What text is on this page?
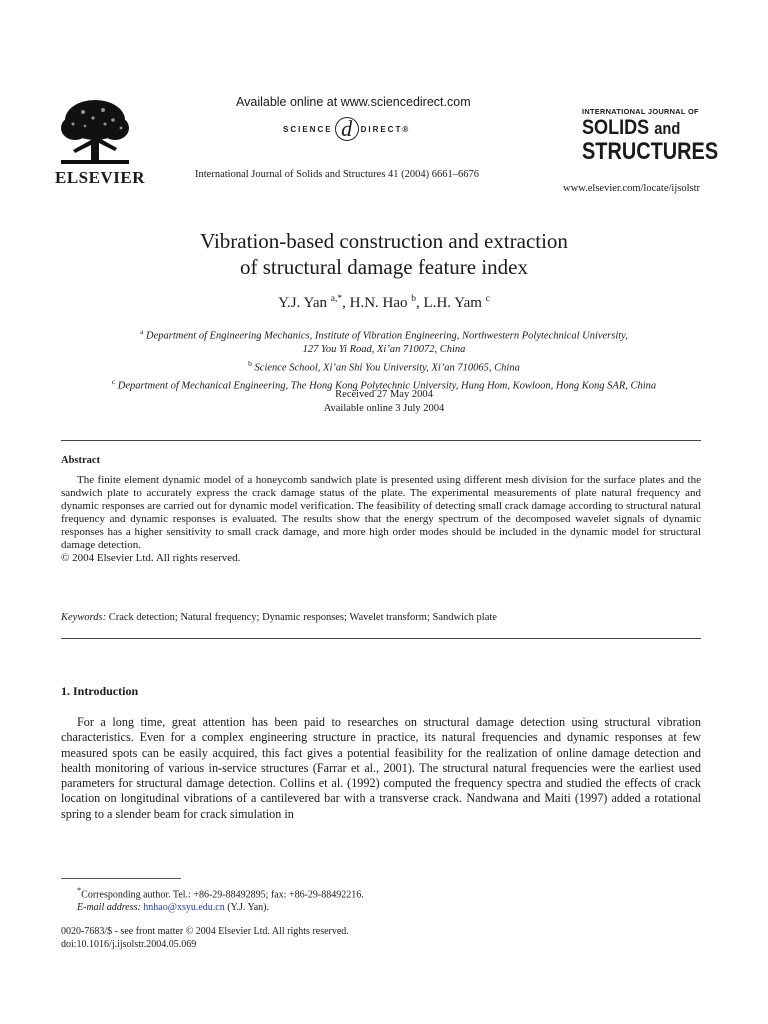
ELSEVIER
Available online at www.sciencedirect.com
SCIENCE d	DIRECT®
International Journal of Solids and Structures 41 (2004) 6661–6676
INTERNATIONAL JOURNAL OF
SOLIDS and
STRUCTURES
www.elsevier.com/locate/ijsolstr
Vibration-based construction and extraction
of structural damage feature index
Y.J. Yan $^{a,*}$, H.N. Hao $^b$, L.H. Yam $^c$
$^a$ Department of Engineering Mechanics, Institute of Vibration Engineering, Northwestern Polytechnical University,
127 You Yi Road, Xi’an 710072, China
$^b$ Science School, Xi’an Shi You University, Xi’an 710065, China
$^c$ Department of Mechanical Engineering, The Hong Kong Polytechnic University, Hung Hom, Kowloon, Hong Kong SAR, China
Received 27 May 2004
Available online 3 July 2004
Abstract
The finite element dynamic model of a honeycomb sandwich plate is presented using different mesh division for the surface plates and the sandwich plate to accurately express the crack damage status of the plate. The experimental measurements of plate natural frequency and dynamic responses are carried out for dynamic model verification. The feasibility of detecting small crack damage according to structural natural frequency and dynamic responses is evaluated. The results show that the energy spectrum of the decomposed wavelet signals of dynamic responses has a higher sensitivity to small crack damage, and more high order modes should be included in the dynamic model for structural damage detection.
© 2004 Elsevier Ltd. All rights reserved.
Keywords: Crack detection; Natural frequency; Dynamic responses; Wavelet transform; Sandwich plate
1. Introduction
For a long time, great attention has been paid to researches on structural damage detection using structural vibration characteristics. Even for a complex engineering structure in practice, its natural frequencies and dynamic responses at few measured spots can be easily acquired, this fact gives a potential feasibility for the realization of online damage detection and health monitoring of various in-service structures (Farrar et al., 2001). The structural natural frequencies were the earliest used parameters for structural damage detection. Collins et al. (1992) computed the frequency spectra and studied the effects of crack location on longitudinal vibrations of a cantilevered bar with a transverse crack. Nandwana and Maiti (1997) added a rotational spring to a slender beam for crack simulation in
*Corresponding author. Tel.: +86-29-88492895; fax: +86-29-88492216.
E-mail address: hnhao@xsyu.edu.cn (Y.J. Yan).
0020-7683/$ - see front matter © 2004 Elsevier Ltd. All rights reserved.
doi:10.1016/j.ijsolstr.2004.05.069
